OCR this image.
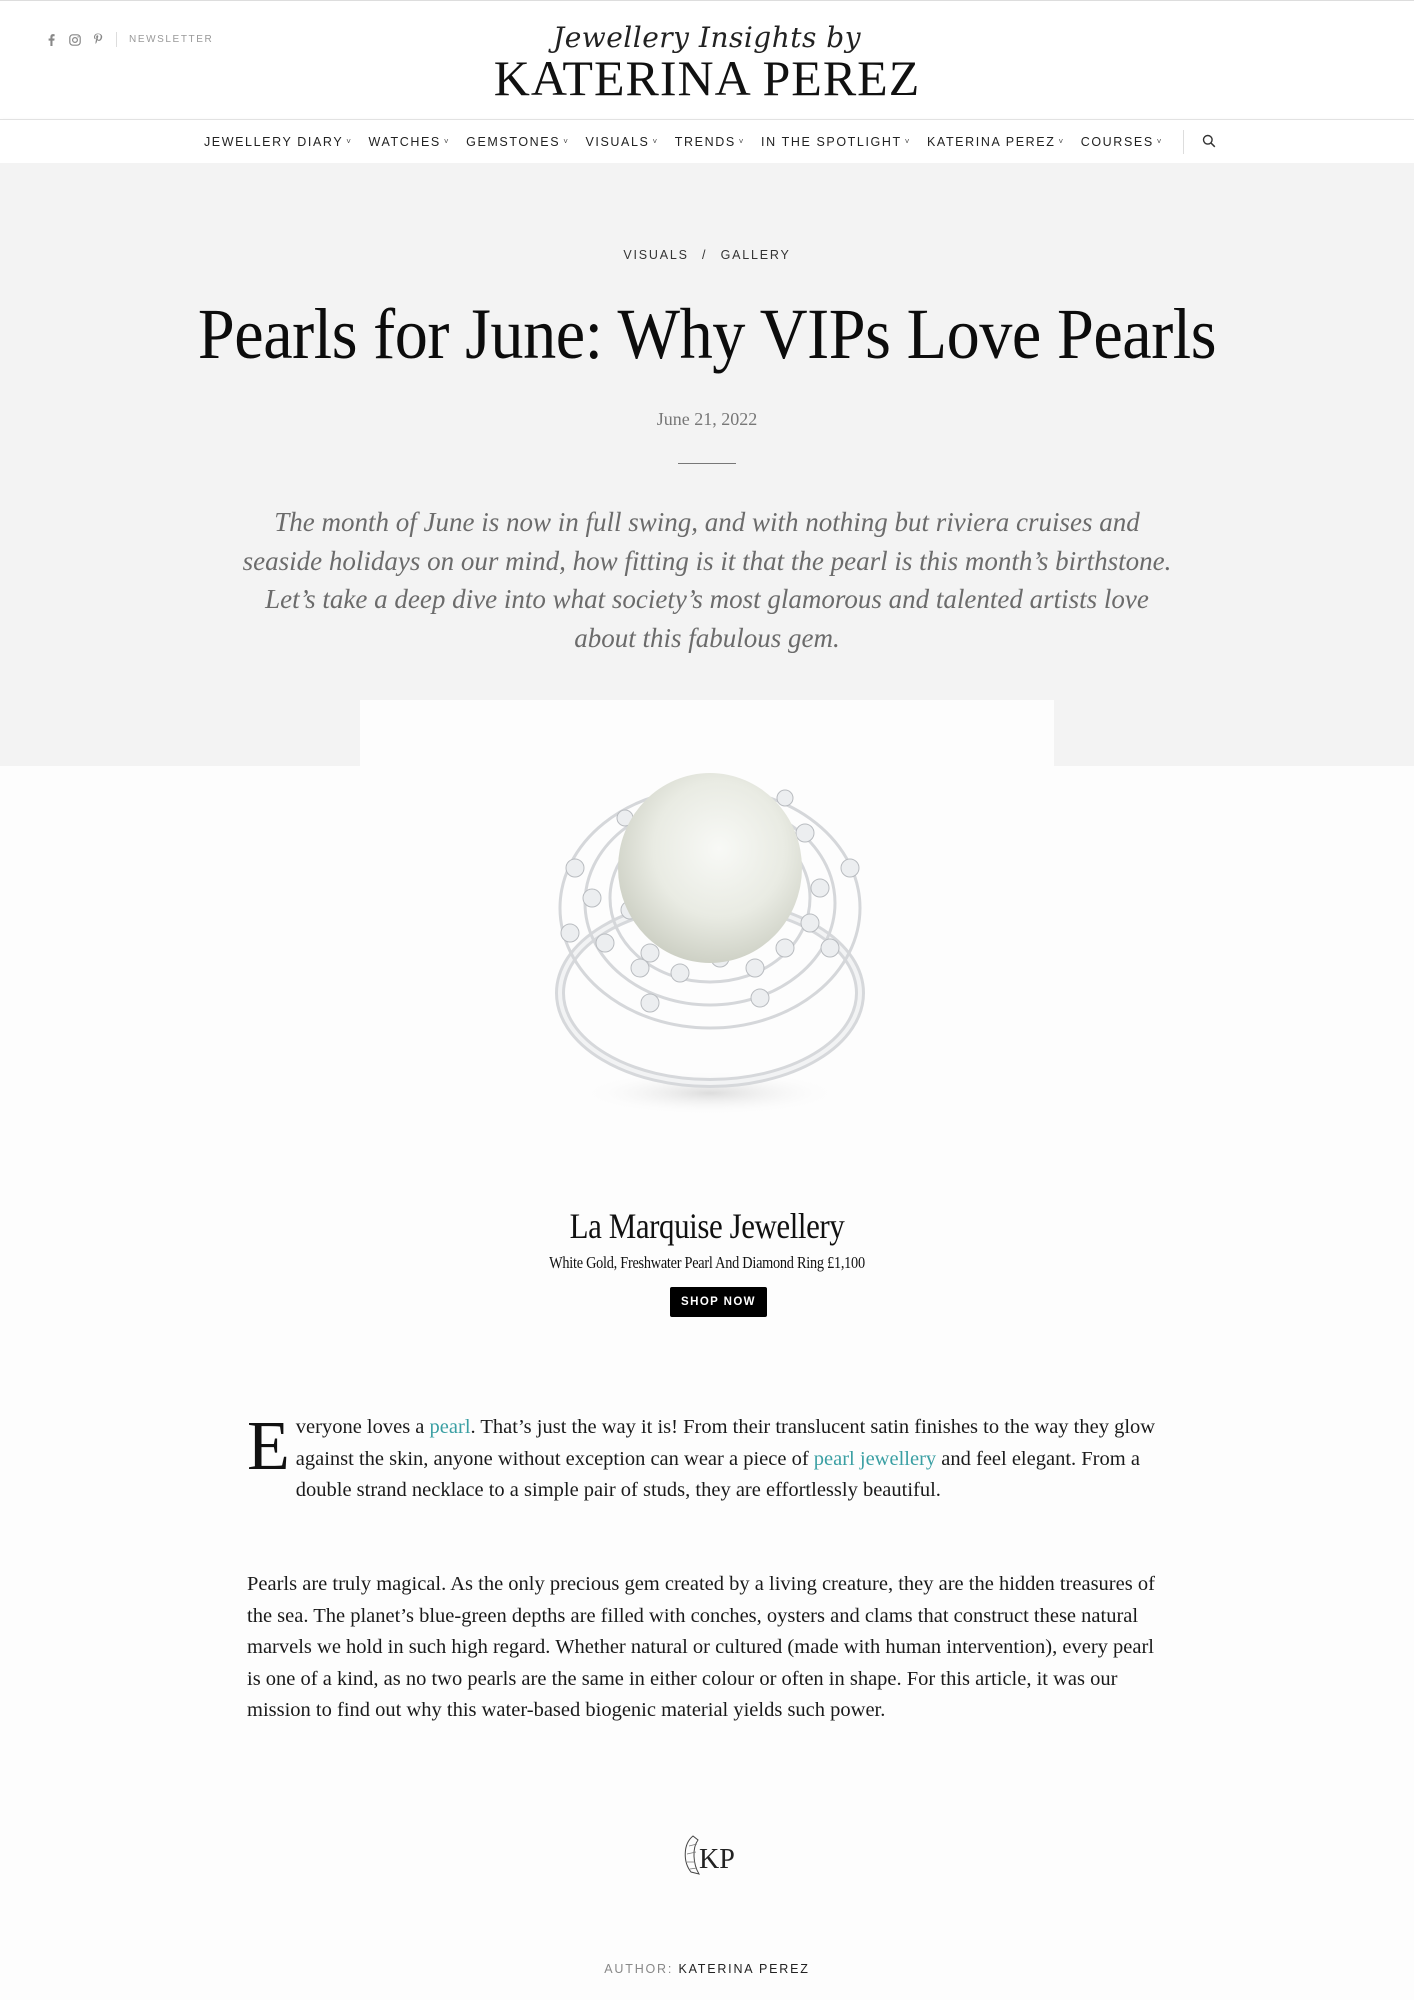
NEWSLETTER	Jewellery Insights by
KATERINA PEREZ
JEWELLERY DIARY ˅ WATCHES ˅ GEMSTONES ˅ VISUALS ˅ TRENDS ˅ IN THE SPOTLIGHT ˅ KATERINA PEREZ ˅ COURSES ˅
VISUALS / GALLERY
Pearls for June: Why VIPs Love Pearls
June 21, 2022

The month of June is now in full swing, and with nothing but riviera cruises and seaside holidays on our mind, how fitting is it that the pearl is this month’s birthstone. Let’s take a deep dive into what society’s most glamorous and talented artists love about this fabulous gem.

La Marquise Jewellery
White Gold, Freshwater Pearl And Diamond Ring £1,100
SHOP NOW

Everyone loves a pearl. That’s just the way it is! From their translucent satin finishes to the way they glow against the skin, anyone without exception can wear a piece of pearl jewellery and feel elegant. From a double strand necklace to a simple pair of studs, they are effortlessly beautiful.

Pearls are truly magical. As the only precious gem created by a living creature, they are the hidden treasures of the sea. The planet’s blue-green depths are filled with conches, oysters and clams that construct these natural marvels we hold in such high regard. Whether natural or cultured (made with human intervention), every pearl is one of a kind, as no two pearls are the same in either colour or often in shape. For this article, it was our mission to find out why this water-based biogenic material yields such power.

KP
AUTHOR: KATERINA PEREZ
